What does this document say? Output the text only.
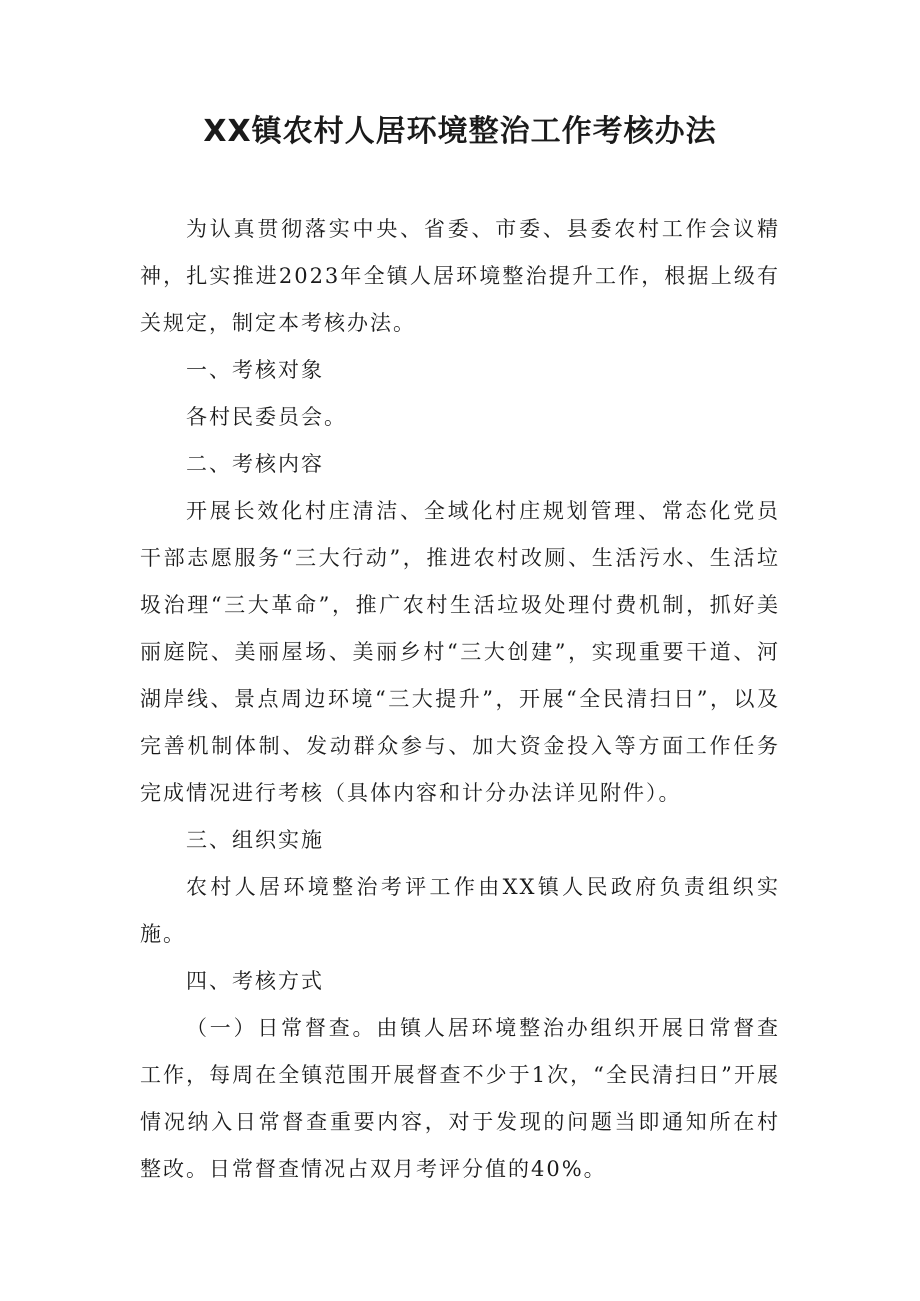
XX镇农村人居环境整治工作考核办法

为认真贯彻落实中央、省委、市委、县委农村工作会议精神，扎实推进2023年全镇人居环境整治提升工作，根据上级有关规定，制定本考核办法。

一、考核对象

各村民委员会。

二、考核内容

开展长效化村庄清洁、全域化村庄规划管理、常态化党员干部志愿服务“三大行动”，推进农村改厕、生活污水、生活垃圾治理“三大革命”，推广农村生活垃圾处理付费机制，抓好美丽庭院、美丽屋场、美丽乡村“三大创建”，实现重要干道、河湖岸线、景点周边环境“三大提升”，开展“全民清扫日”，以及完善机制体制、发动群众参与、加大资金投入等方面工作任务完成情况进行考核（具体内容和计分办法详见附件）。

三、组织实施

农村人居环境整治考评工作由XX镇人民政府负责组织实施。

四、考核方式

（一）日常督查。由镇人居环境整治办组织开展日常督查工作，每周在全镇范围开展督查不少于1次，“全民清扫日”开展情况纳入日常督查重要内容，对于发现的问题当即通知所在村整改。日常督查情况占双月考评分值的40%。
